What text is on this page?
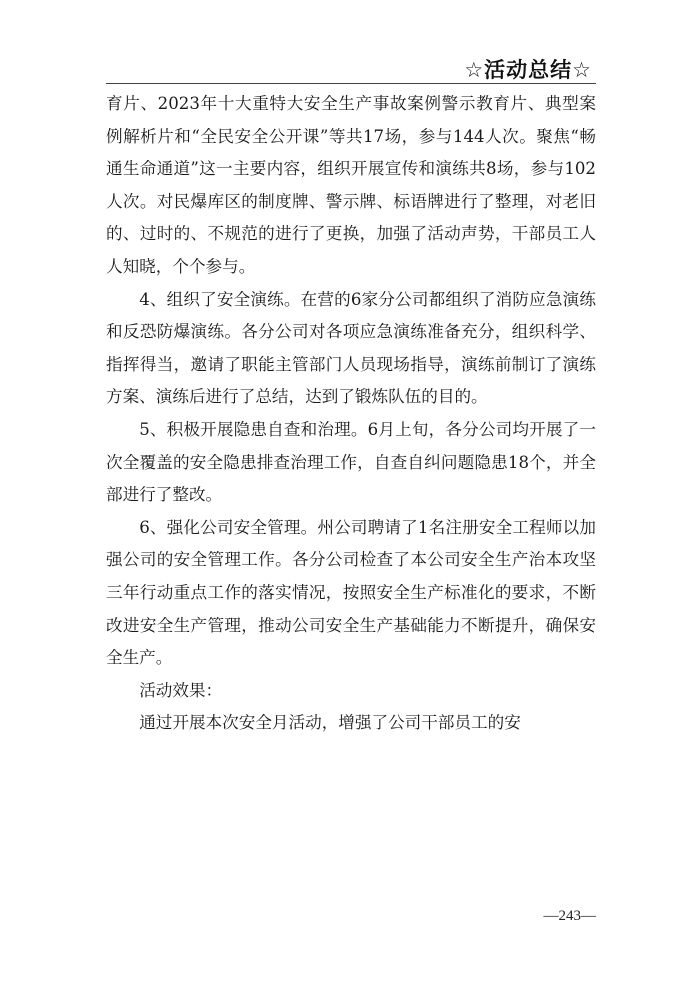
☆活动总结☆

育片、2023年十大重特大安全生产事故案例警示教育片、典型案例解析片和“全民安全公开课”等共17场，参与144人次。聚焦“畅通生命通道”这一主要内容，组织开展宣传和演练共8场，参与102人次。对民爆库区的制度牌、警示牌、标语牌进行了整理，对老旧的、过时的、不规范的进行了更换，加强了活动声势，干部员工人人知晓，个个参与。

4、组织了安全演练。在营的6家分公司都组织了消防应急演练和反恐防爆演练。各分公司对各项应急演练准备充分，组织科学、指挥得当，邀请了职能主管部门人员现场指导，演练前制订了演练方案、演练后进行了总结，达到了锻炼队伍的目的。

5、积极开展隐患自查和治理。6月上旬，各分公司均开展了一次全覆盖的安全隐患排查治理工作，自查自纠问题隐患18个，并全部进行了整改。

6、强化公司安全管理。州公司聘请了1名注册安全工程师以加强公司的安全管理工作。各分公司检查了本公司安全生产治本攻坚三年行动重点工作的落实情况，按照安全生产标准化的要求，不断改进安全生产管理，推动公司安全生产基础能力不断提升，确保安全生产。

活动效果：

通过开展本次安全月活动，增强了公司干部员工的安

—243—
